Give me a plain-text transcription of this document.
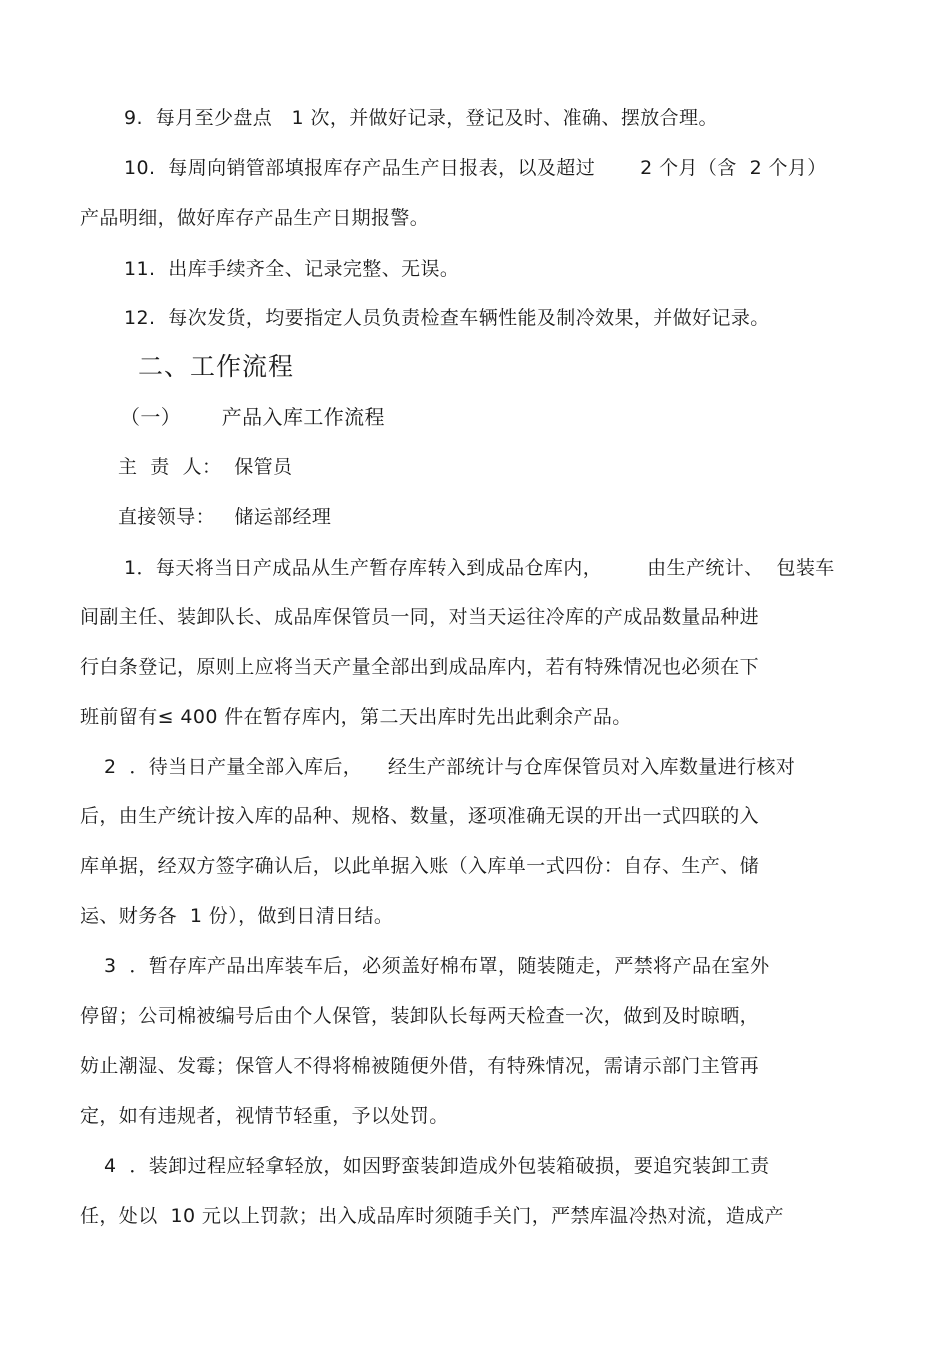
9.  每月至少盘点   1 次，并做好记录，登记及时、准确、摆放合理。
10.  每周向销管部填报库存产品生产日报表，以及超过       2 个月（含  2 个月）
产品明细，做好库存产品生产日期报警。
11.  出库手续齐全、记录完整、无误。
12.  每次发货，均要指定人员负责检查车辆性能及制冷效果，并做好记录。
二、工作流程
（一）      产品入库工作流程
主  责  人：  保管员
直接领导：   储运部经理
1．每天将当日产成品从生产暂存库转入到成品仓库内，       由生产统计、  包装车
间副主任、装卸队长、成品库保管员一同，对当天运往冷库的产成品数量品种进
行白条登记，原则上应将当天产量全部出到成品库内，若有特殊情况也必须在下
班前留有≤ 400 件在暂存库内，第二天出库时先出此剩余产品。
2  ．待当日产量全部入库后，    经生产部统计与仓库保管员对入库数量进行核对
后，由生产统计按入库的品种、规格、数量，逐项准确无误的开出一式四联的入
库单据，经双方签字确认后，以此单据入账（入库单一式四份：自存、生产、储
运、财务各  1 份），做到日清日结。
3  ．暂存库产品出库装车后，必须盖好棉布罩，随装随走，严禁将产品在室外
停留；公司棉被编号后由个人保管，装卸队长每两天检查一次，做到及时晾晒，
妨止潮湿、发霉；保管人不得将棉被随便外借，有特殊情况，需请示部门主管再
定，如有违规者，视情节轻重，予以处罚。
4  ．装卸过程应轻拿轻放，如因野蛮装卸造成外包装箱破损，要追究装卸工责
任，处以  10 元以上罚款；出入成品库时须随手关门，严禁库温冷热对流，造成产
